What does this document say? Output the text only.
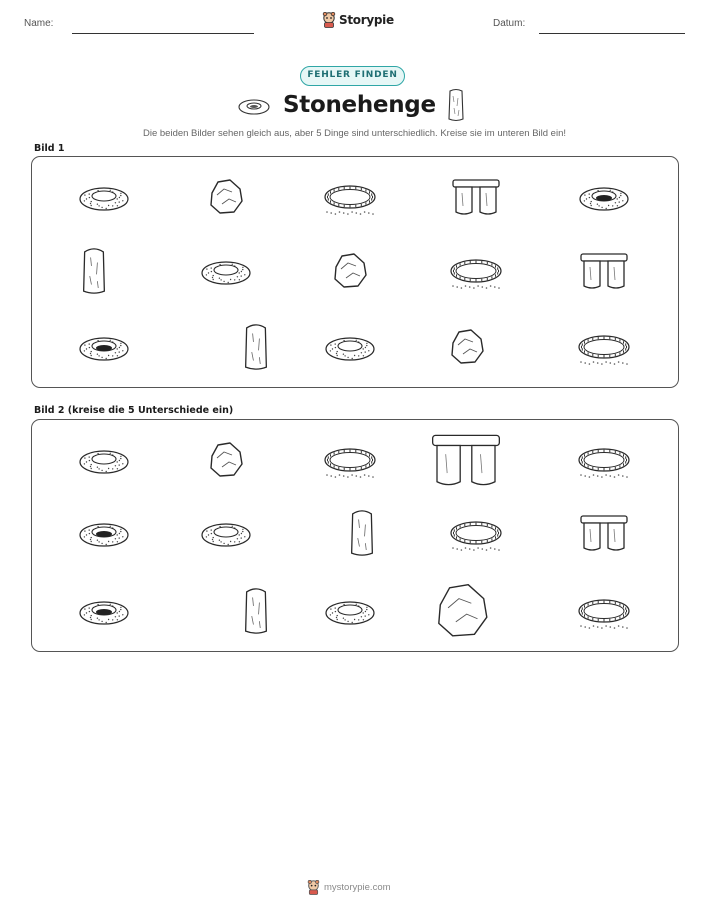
Name:	Storypie	Datum:
FEHLER FINDEN
Stonehenge
Die beiden Bilder sehen gleich aus, aber 5 Dinge sind unterschiedlich. Kreise sie im unteren Bild ein!
Bild 1
Bild 2 (kreise die 5 Unterschiede ein)
mystorypie.com
